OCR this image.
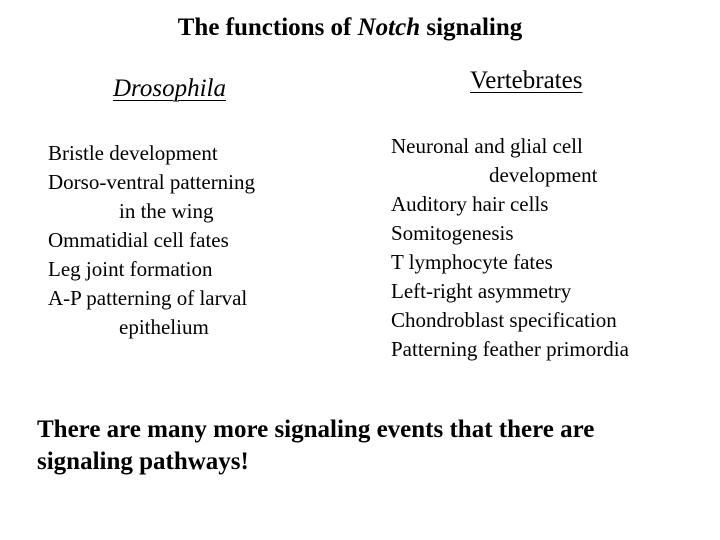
The functions of Notch signaling
Drosophila	Vertebrates
Bristle development
Dorso-ventral patterning
in the wing
Ommatidial cell fates
Leg joint formation
A-P patterning of larval
epithelium
Neuronal and glial cell
development
Auditory hair cells
Somitogenesis
T lymphocyte fates
Left-right asymmetry
Chondroblast specification
Patterning feather primordia
There are many more signaling events that there are
signaling pathways!
